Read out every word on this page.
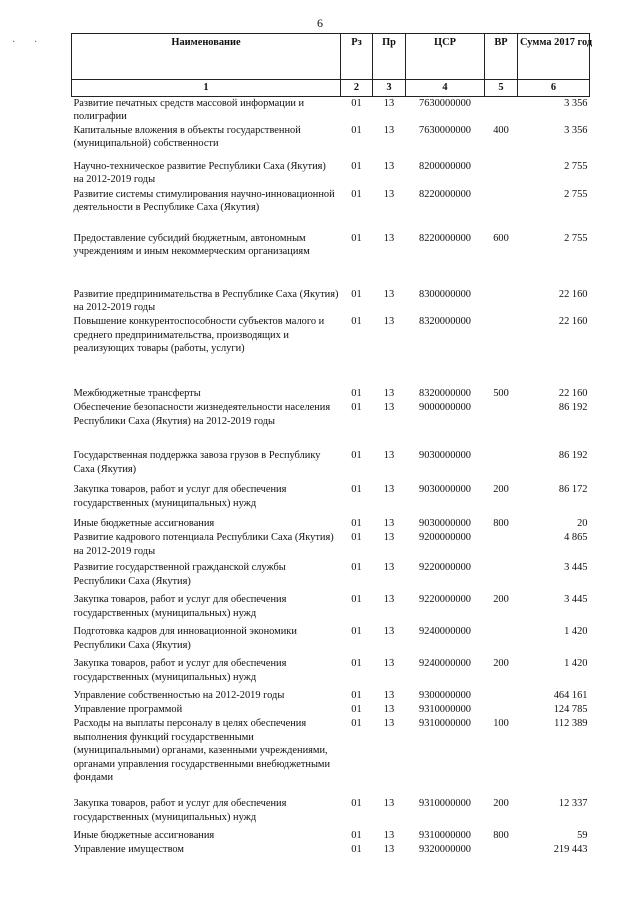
6
· ·	Наименование	Рз	Пр	ЦСР	ВР	Сумма 2017 год
1	2	3	4	5	6
Развитие печатных средств массовой информации и полиграфии	01	13	7630000000		3 356
Капитальные вложения в объекты государственной (муниципальной) собственности	01	13	7630000000	400	3 356
Научно-техническое развитие Республики Саха (Якутия) на 2012-2019 годы	01	13	8200000000		2 755
Развитие системы стимулирования научно-инновационной деятельности в Республике Саха (Якутия)	01	13	8220000000		2 755
Предоставление субсидий бюджетным, автономным учреждениям и иным некоммерческим организациям	01	13	8220000000	600	2 755
Развитие предпринимательства в Республике Саха (Якутия) на 2012-2019 годы	01	13	8300000000		22 160
Повышение конкурентоспособности субъектов малого и среднего предпринимательства, производящих и реализующих товары (работы, услуги)	01	13	8320000000		22 160
Межбюджетные трансферты	01	13	8320000000	500	22 160
Обеспечение безопасности жизнедеятельности населения Республики Саха (Якутия) на 2012-2019 годы	01	13	9000000000		86 192
Государственная поддержка завоза грузов в Республику Саха (Якутия)	01	13	9030000000		86 192
Закупка товаров, работ и услуг для обеспечения государственных (муниципальных) нужд	01	13	9030000000	200	86 172
Иные бюджетные ассигнования	01	13	9030000000	800	20
Развитие кадрового потенциала Республики Саха (Якутия) на 2012-2019 годы	01	13	9200000000		4 865
Развитие государственной гражданской службы Республики Саха (Якутия)	01	13	9220000000		3 445
Закупка товаров, работ и услуг для обеспечения государственных (муниципальных) нужд	01	13	9220000000	200	3 445
Подготовка кадров для инновационной экономики Республики Саха (Якутия)	01	13	9240000000		1 420
Закупка товаров, работ и услуг для обеспечения государственных (муниципальных) нужд	01	13	9240000000	200	1 420
Управление собственностью на 2012-2019 годы	01	13	9300000000		464 161
Управление программой	01	13	9310000000		124 785
Расходы на выплаты персоналу в целях обеспечения выполнения функций государственными (муниципальными) органами, казенными учреждениями, органами управления государственными внебюджетными фондами	01	13	9310000000	100	112 389
Закупка товаров, работ и услуг для обеспечения государственных (муниципальных) нужд	01	13	9310000000	200	12 337
Иные бюджетные ассигнования	01	13	9310000000	800	59
Управление имуществом	01	13	9320000000		219 443
